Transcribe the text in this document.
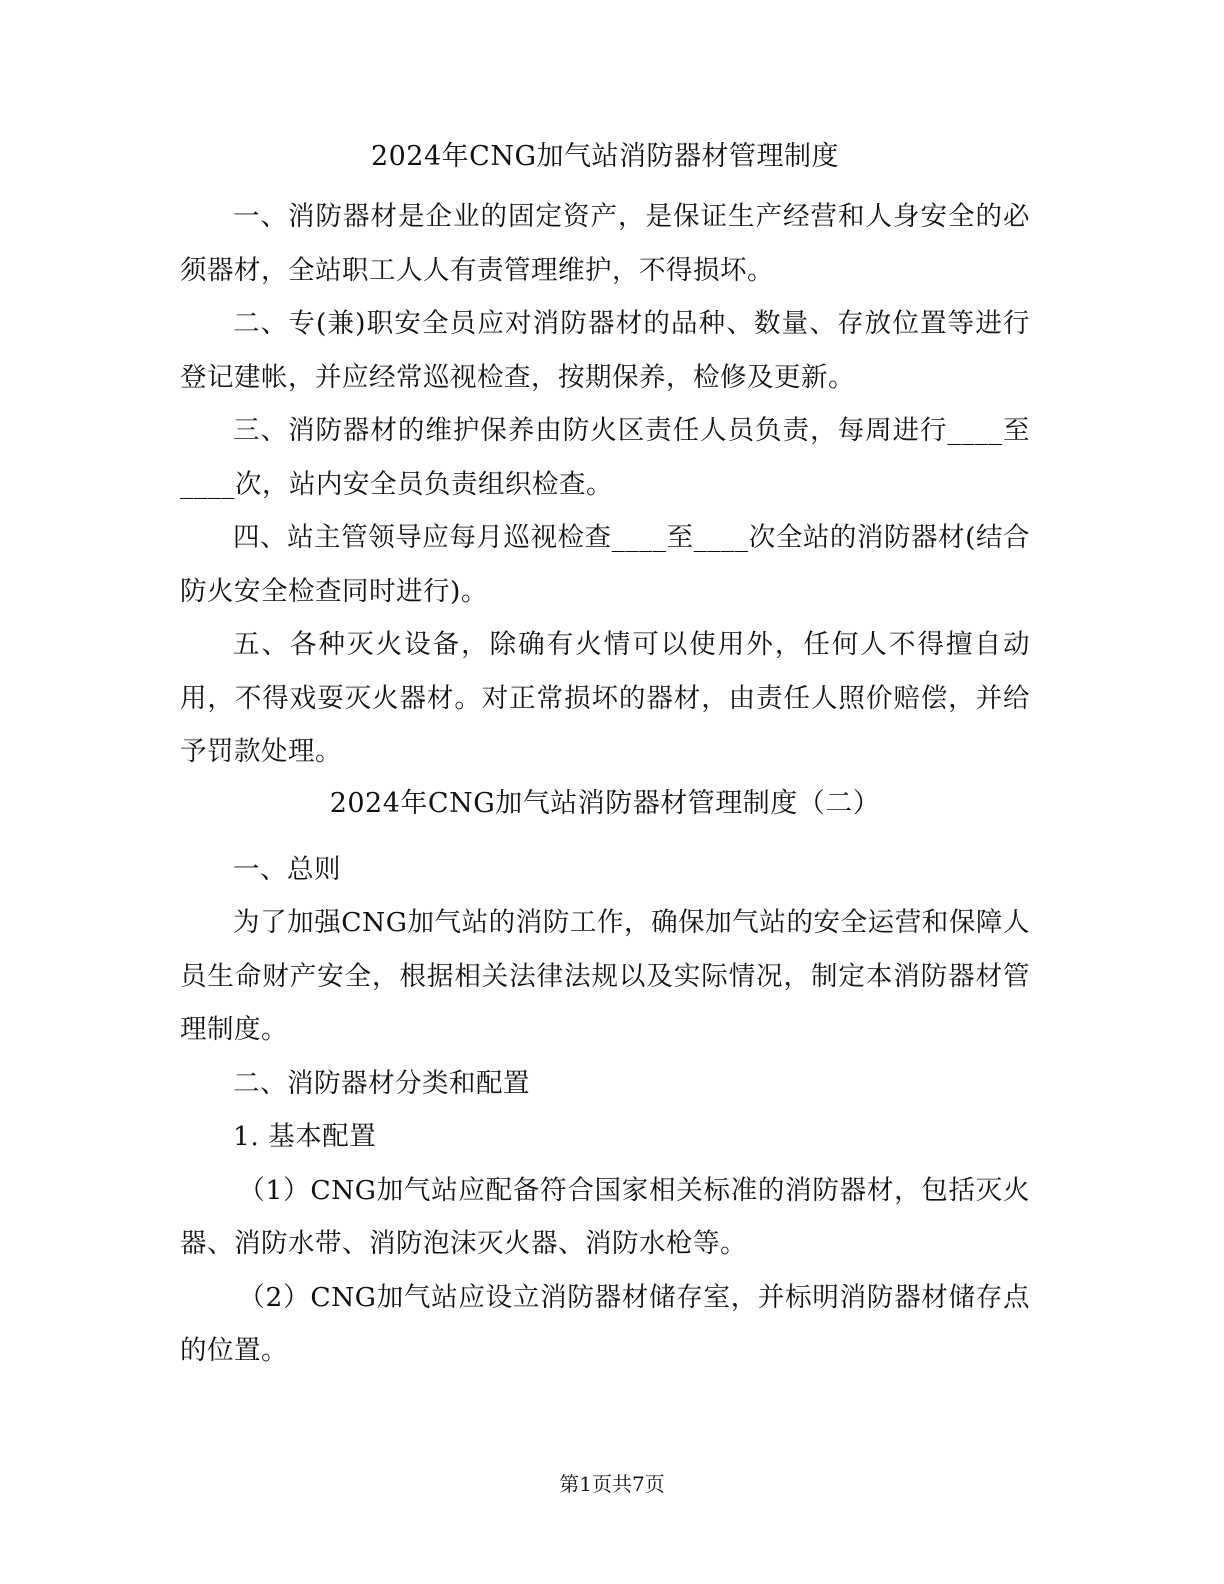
2024年CNG加气站消防器材管理制度

一、消防器材是企业的固定资产，是保证生产经营和人身安全的必须器材，全站职工人人有责管理维护，不得损坏。

二、专(兼)职安全员应对消防器材的品种、数量、存放位置等进行登记建帐，并应经常巡视检查，按期保养，检修及更新。

三、消防器材的维护保养由防火区责任人员负责，每周进行____至____次，站内安全员负责组织检查。

四、站主管领导应每月巡视检查____至____次全站的消防器材(结合防火安全检查同时进行)。

五、各种灭火设备，除确有火情可以使用外，任何人不得擅自动用，不得戏耍灭火器材。对正常损坏的器材，由责任人照价赔偿，并给予罚款处理。

2024年CNG加气站消防器材管理制度（二）

一、总则

为了加强CNG加气站的消防工作，确保加气站的安全运营和保障人员生命财产安全，根据相关法律法规以及实际情况，制定本消防器材管理制度。

二、消防器材分类和配置

1. 基本配置

（1）CNG加气站应配备符合国家相关标准的消防器材，包括灭火器、消防水带、消防泡沫灭火器、消防水枪等。

（2）CNG加气站应设立消防器材储存室，并标明消防器材储存点的位置。

第1页共7页
